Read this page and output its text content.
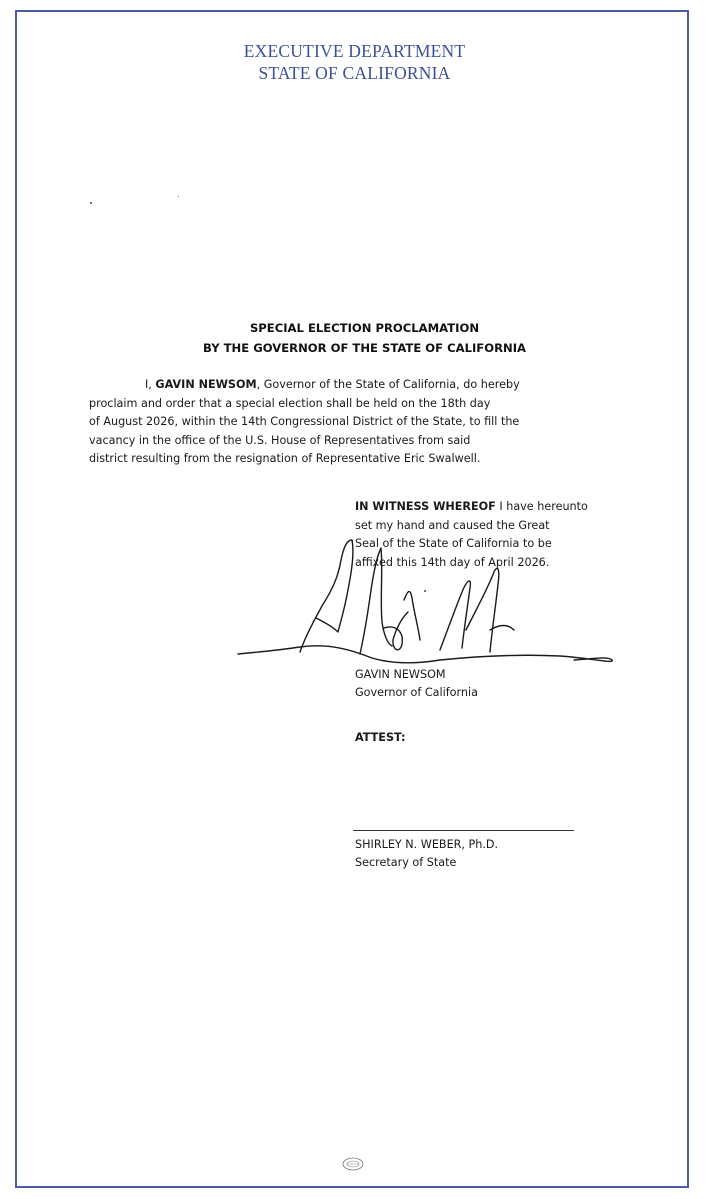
EXECUTIVE DEPARTMENT
STATE OF CALIFORNIA
SPECIAL ELECTION PROCLAMATION
BY THE GOVERNOR OF THE STATE OF CALIFORNIA
I, GAVIN NEWSOM, Governor of the State of California, do hereby
proclaim and order that a special election shall be held on the 18th day
of August 2026, within the 14th Congressional District of the State, to fill the
vacancy in the office of the U.S. House of Representatives from said
district resulting from the resignation of Representative Eric Swalwell.
IN WITNESS WHEREOF I have hereunto
set my hand and caused the Great
Seal of the State of California to be
affixed this 14th day of April 2026.
GAVIN NEWSOM
Governor of California
ATTEST:
SHIRLEY N. WEBER, Ph.D.
Secretary of State
